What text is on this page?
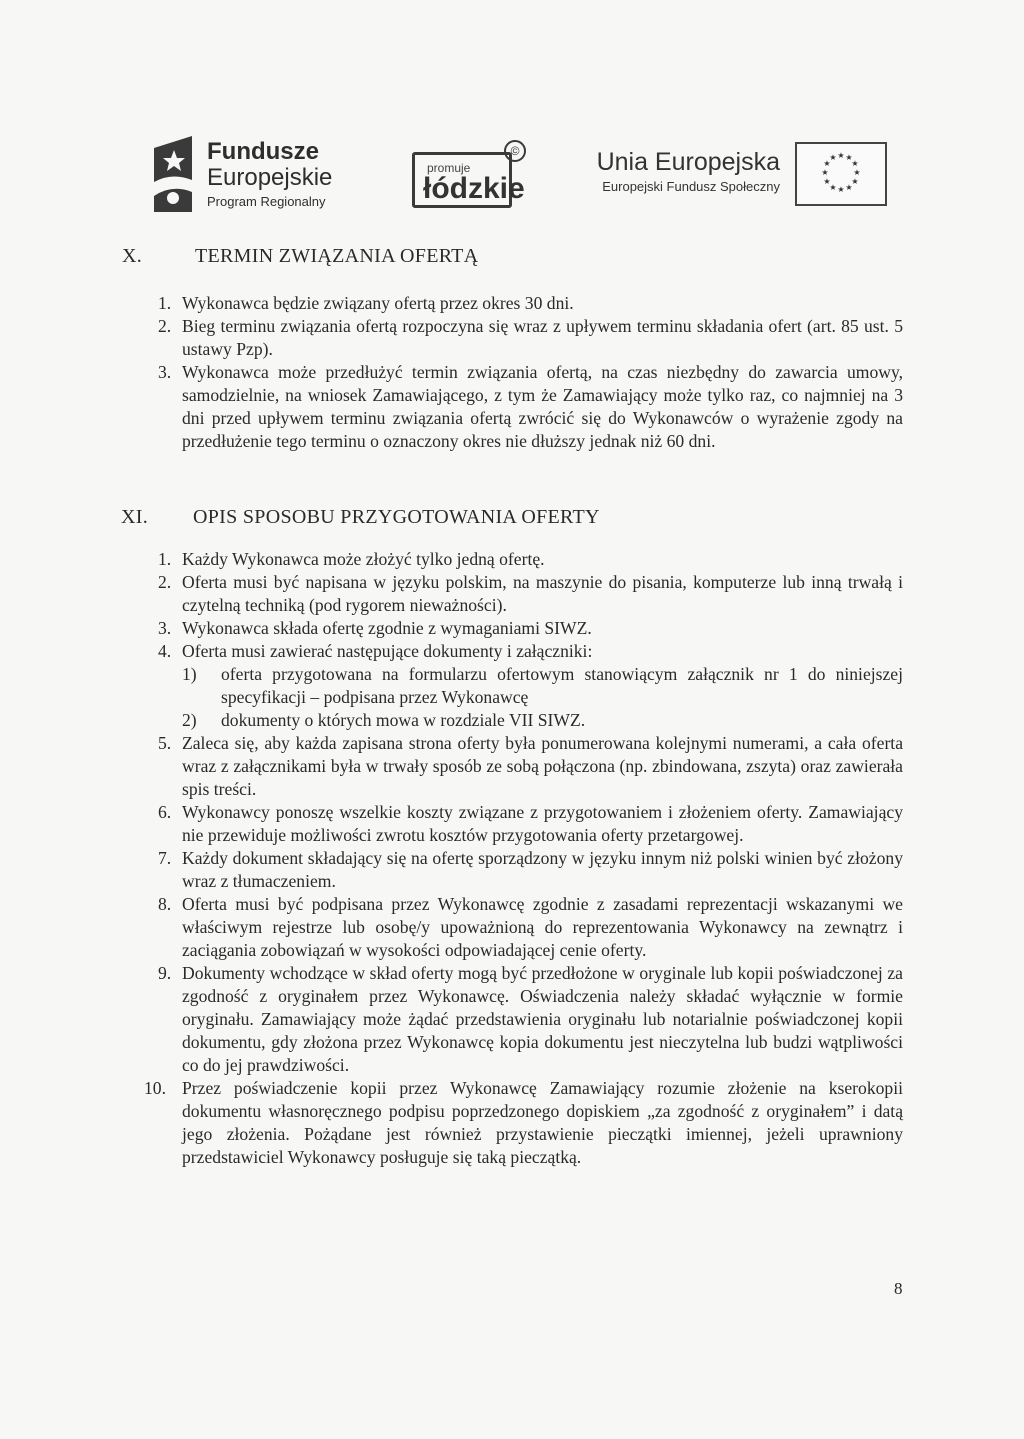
Fundusze
Europejskie
Program Regionalny
promuje
łódzkie
©	Unia Europejska
Europejski Fundusz Społeczny
★ ★
★
★
★
★
★
★
★
★
★
★
X.	TERMIN ZWIĄZANIA OFERTĄ
1. Wykonawca będzie związany ofertą przez okres 30 dni.
2. Bieg terminu związania ofertą rozpoczyna się wraz z upływem terminu składania ofert (art. 85 ust. 5 ustawy Pzp).
3. Wykonawca może przedłużyć termin związania ofertą, na czas niezbędny do zawarcia umowy, samodzielnie, na wniosek Zamawiającego, z tym że Zamawiający może tylko raz, co najmniej na 3 dni przed upływem terminu związania ofertą zwrócić się do Wykonawców o wyrażenie zgody na przedłużenie tego terminu o oznaczony okres nie dłuższy jednak niż 60 dni.
XI. OPIS SPOSOBU PRZYGOTOWANIA OFERTY
1. Każdy Wykonawca może złożyć tylko jedną ofertę.
2. Oferta musi być napisana w języku polskim, na maszynie do pisania, komputerze lub inną trwałą i czytelną techniką (pod rygorem nieważności).
3. Wykonawca składa ofertę zgodnie z wymaganiami SIWZ.
4. Oferta musi zawierać następujące dokumenty i załączniki:
1) oferta przygotowana na formularzu ofertowym stanowiącym załącznik nr 1 do niniejszej specyfikacji – podpisana przez Wykonawcę
2) dokumenty o których mowa w rozdziale VII SIWZ.
5. Zaleca się, aby każda zapisana strona oferty była ponumerowana kolejnymi numerami, a cała oferta wraz z załącznikami była w trwały sposób ze sobą połączona (np. zbindowana, zszyta) oraz zawierała spis treści.
6. Wykonawcy ponoszę wszelkie koszty związane z przygotowaniem i złożeniem oferty. Zamawiający nie przewiduje możliwości zwrotu kosztów przygotowania oferty przetargowej.
7. Każdy dokument składający się na ofertę sporządzony w języku innym niż polski winien być złożony wraz z tłumaczeniem.
8. Oferta musi być podpisana przez Wykonawcę zgodnie z zasadami reprezentacji wskazanymi we właściwym rejestrze lub osobę/y upoważnioną do reprezentowania Wykonawcy na zewnątrz i zaciągania zobowiązań w wysokości odpowiadającej cenie oferty.
9. Dokumenty wchodzące w skład oferty mogą być przedłożone w oryginale lub kopii poświadczonej za zgodność z oryginałem przez Wykonawcę. Oświadczenia należy składać wyłącznie w formie oryginału. Zamawiający może żądać przedstawienia oryginału lub notarialnie poświadczonej kopii dokumentu, gdy złożona przez Wykonawcę kopia dokumentu jest nieczytelna lub budzi wątpliwości co do jej prawdziwości.
10. Przez poświadczenie kopii przez Wykonawcę Zamawiający rozumie złożenie na kserokopii dokumentu własnoręcznego podpisu poprzedzonego dopiskiem „za zgodność z oryginałem” i datą jego złożenia. Pożądane jest również przystawienie pieczątki imiennej, jeżeli uprawniony przedstawiciel Wykonawcy posługuje się taką pieczątką.
8
